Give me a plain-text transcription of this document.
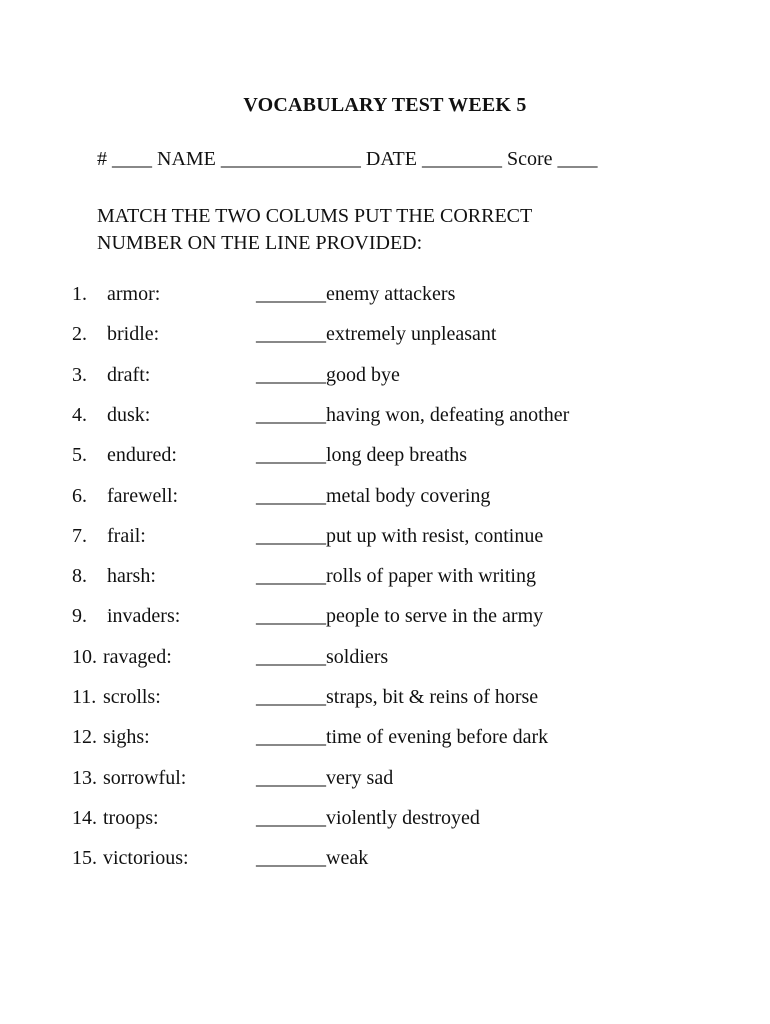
VOCABULARY TEST WEEK 5
# ____ NAME ______________ DATE ________ Score ____
MATCH THE TWO COLUMS PUT THE CORRECT
NUMBER ON THE LINE PROVIDED:
1. armor:	_______enemy attackers
2. bridle:	_______extremely unpleasant
3. draft:	_______good bye
4. dusk:	_______having won, defeating another
5. endured:	_______long deep breaths
6. farewell:	_______metal body covering
7. frail:	_______put up with resist, continue
8. harsh:	_______rolls of paper with writing
9. invaders:	_______people to serve in the army
10. ravaged:	_______soldiers
11. scrolls:	_______straps, bit & reins of horse
12. sighs:	_______time of evening before dark
13. sorrowful:	_______very sad
14. troops:	_______violently destroyed
15. victorious:	_______weak
